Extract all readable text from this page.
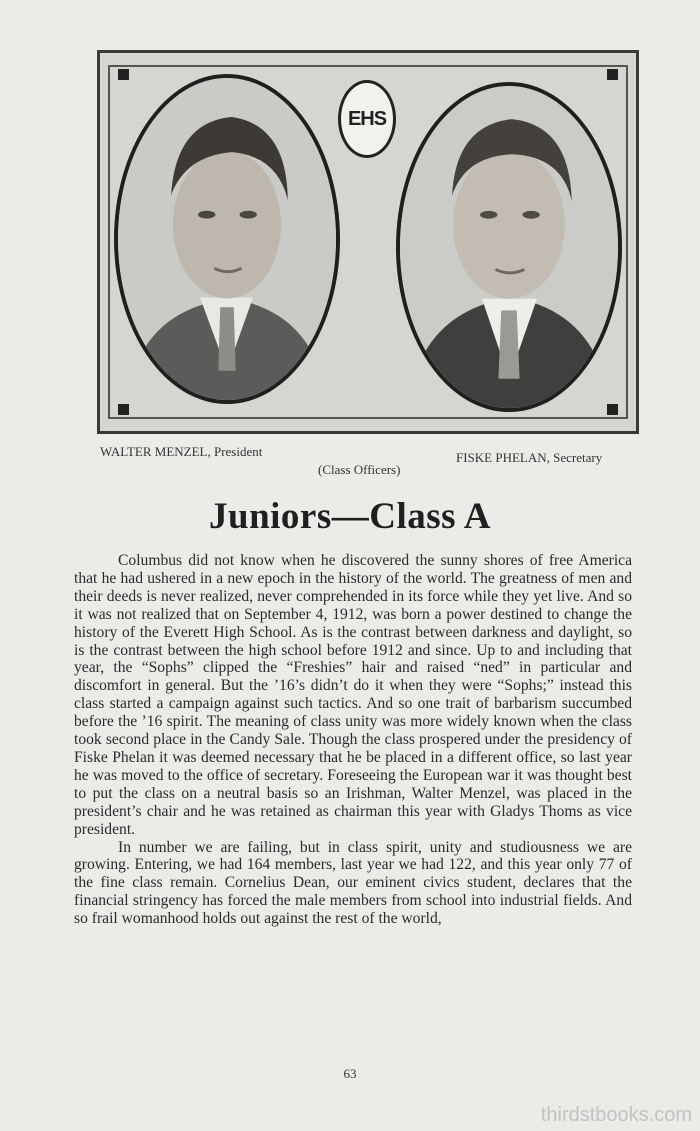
EHS
WALTER MENZEL, President	FISKE PHELAN, Secretary
(Class Officers)
Juniors—Class A

Columbus did not know when he discovered the sunny shores of free America that he had ushered in a new epoch in the history of the world. The greatness of men and their deeds is never realized, never comprehended in its force while they yet live. And so it was not realized that on September 4, 1912, was born a power destined to change the history of the Everett High School. As is the contrast between darkness and daylight, so is the contrast between the high school before 1912 and since. Up to and including that year, the “Sophs” clipped the “Freshies” hair and raised “ned” in particular and discomfort in general. But the ’16’s didn’t do it when they were “Sophs;” instead this class started a campaign against such tactics. And so one trait of barbarism succumbed before the ’16 spirit. The meaning of class unity was more widely known when the class took second place in the Candy Sale. Though the class prospered under the presidency of Fiske Phelan it was deemed necessary that he be placed in a different office, so last year he was moved to the office of secretary. Foreseeing the European war it was thought best to put the class on a neutral basis so an Irishman, Walter Menzel, was placed in the president’s chair and he was retained as chairman this year with Gladys Thoms as vice president.

In number we are failing, but in class spirit, unity and studiousness we are growing. Entering, we had 164 members, last year we had 122, and this year only 77 of the fine class remain. Cornelius Dean, our eminent civics student, declares that the financial stringency has forced the male members from school into industrial fields. And so frail womanhood holds out against the rest of the world,

63
thirdstbooks.com
